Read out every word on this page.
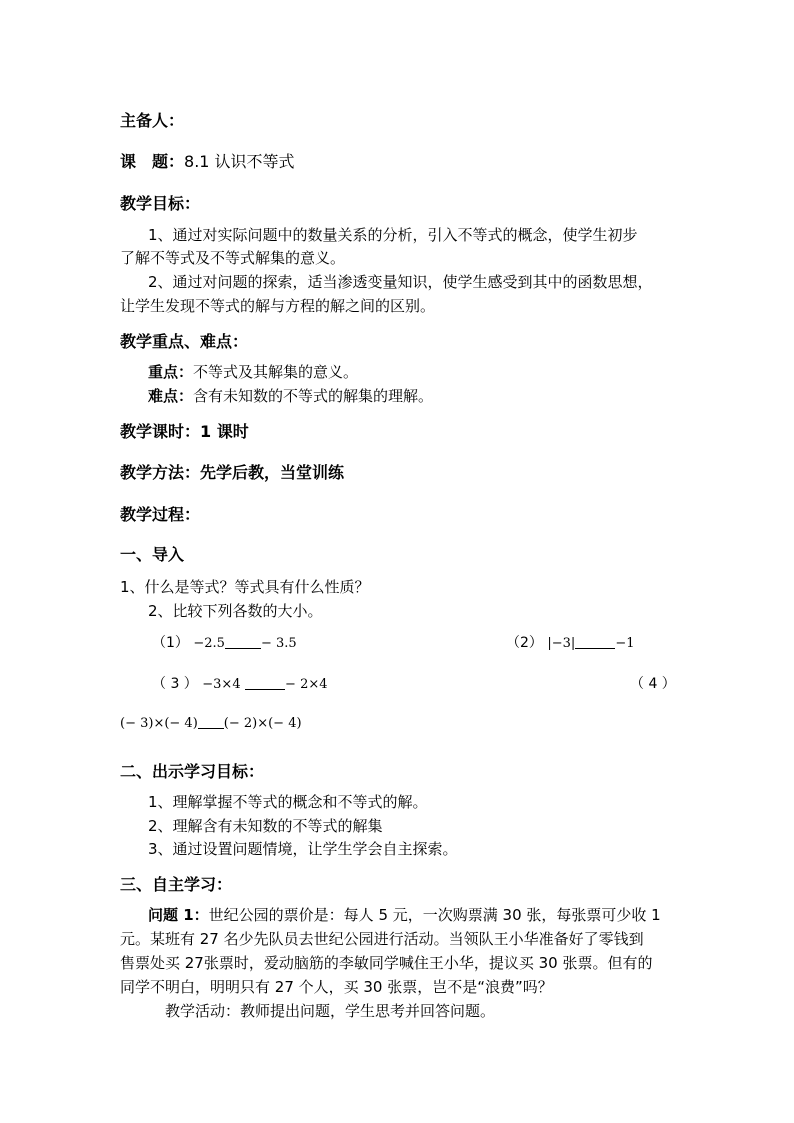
主备人：
课　题：8.1 认识不等式
教学目标：
1、通过对实际问题中的数量关系的分析，引入不等式的概念，使学生初步
了解不等式及不等式解集的意义。
2、通过对问题的探索，适当渗透变量知识，使学生感受到其中的函数思想，
让学生发现不等式的解与方程的解之间的区别。
教学重点、难点：
重点：不等式及其解集的意义。
难点：含有未知数的不等式的解集的理解。
教学课时：1 课时
教学方法：先学后教，当堂训练
教学过程：
一、导入
1、什么是等式？等式具有什么性质？
2、比较下列各数的大小。
（1） −2.5	− 3.5	（2） |−3|	−1
（ 3 ） −3×4	− 2×4	（ 4 ）
(− 3)×(− 4) (− 2)×(− 4)
二、出示学习目标：
1、理解掌握不等式的概念和不等式的解。
2、理解含有未知数的不等式的解集
3、通过设置问题情境，让学生学会自主探索。
三、自主学习：
问题 1：世纪公园的票价是：每人 5 元，一次购票满 30 张，每张票可少收 1
元。某班有 27 名少先队员去世纪公园进行活动。当领队王小华准备好了零钱到
售票处买 27张票时，爱动脑筋的李敏同学喊住王小华，提议买 30 张票。但有的
同学不明白，明明只有 27 个人，买 30 张票，岂不是“浪费”吗？
教学活动：教师提出问题，学生思考并回答问题。
